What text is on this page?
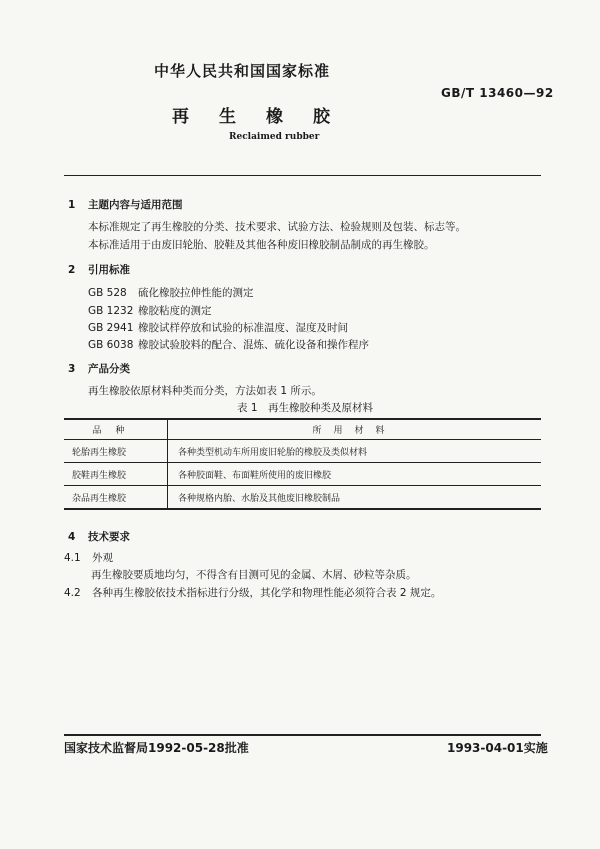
中华人民共和国国家标准
GB/T 13460—92
再生橡胶
Reclaimed rubber
1 主题内容与适用范围
本标准规定了再生橡胶的分类、技术要求、试验方法、检验规则及包装、标志等。
本标准适用于由废旧轮胎、胶鞋及其他各种废旧橡胶制品制成的再生橡胶。
2 引用标准
GB 528 硫化橡胶拉伸性能的测定
GB 1232 橡胶粘度的测定
GB 2941 橡胶试样停放和试验的标准温度、湿度及时间
GB 6038 橡胶试验胶料的配合、混炼、硫化设备和操作程序
3 产品分类
再生橡胶依原材料种类而分类，方法如表 1 所示。
表 1　再生橡胶种类及原材料
品种	所用材料
轮胎再生橡胶	各种类型机动车所用废旧轮胎的橡胶及类似材料
胶鞋再生橡胶	各种胶面鞋、布面鞋所使用的废旧橡胶
杂品再生橡胶	各种规格内胎、水胎及其他废旧橡胶制品
4 技术要求
4.1 外观
再生橡胶要质地均匀，不得含有目测可见的金属、木屑、砂粒等杂质。
4.2 各种再生橡胶依技术指标进行分级，其化学和物理性能必须符合表 2 规定。
国家技术监督局1992-05-28批准	1993-04-01实施
